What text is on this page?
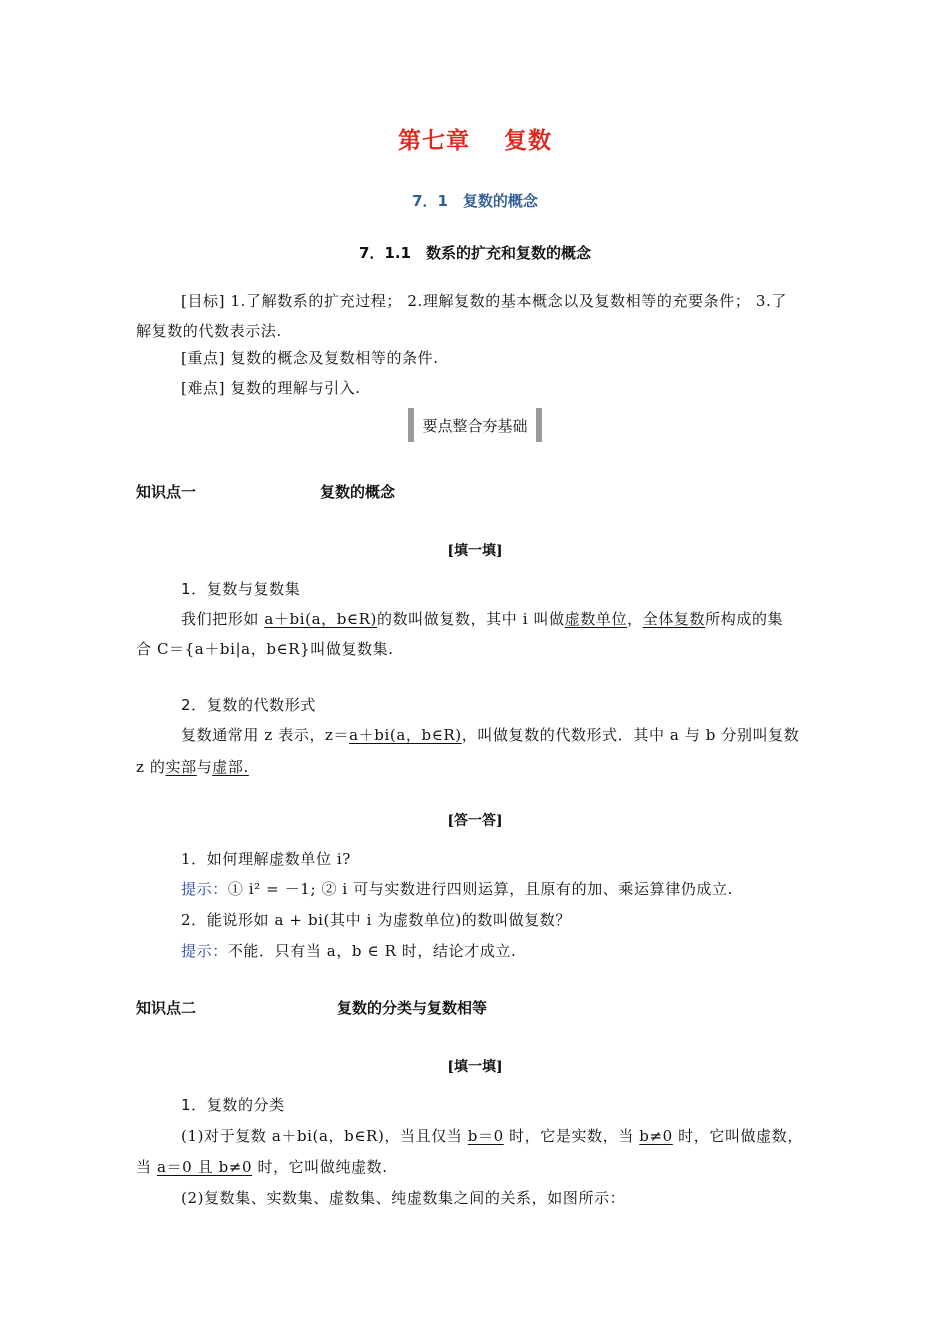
第七章 复数
7．1　复数的概念
7．1.1　数系的扩充和复数的概念
[目标] 1.了解数系的扩充过程； 2.理解复数的基本概念以及复数相等的充要条件； 3.了
解复数的代数表示法.
[重点] 复数的概念及复数相等的条件.
[难点] 复数的理解与引入.
要点整合夯基础
知识点一	复数的概念
[填一填]
1．复数与复数集
我们把形如 a＋bi(a，b∈R)的数叫做复数，其中 i 叫做虚数单位，全体复数所构成的集
合 C＝{a＋bi|a，b∈R}叫做复数集.
2．复数的代数形式
复数通常用 z 表示，z＝a＋bi(a，b∈R)，叫做复数的代数形式．其中 a 与 b 分别叫复数
z 的实部与虚部.
[答一答]
1．如何理解虚数单位 i?
提示：① i² = －1; ② i 可与实数进行四则运算，且原有的加、乘运算律仍成立.
2．能说形如 a + bi(其中 i 为虚数单位)的数叫做复数？
提示：不能．只有当 a，b ∈ R 时，结论才成立.
知识点二	复数的分类与复数相等
[填一填]
1．复数的分类
(1)对于复数 a＋bi(a，b∈R)，当且仅当 b＝0 时，它是实数，当 b≠0 时，它叫做虚数，
当 a＝0 且 b≠0 时，它叫做纯虚数.
(2)复数集、实数集、虚数集、纯虚数集之间的关系，如图所示：
